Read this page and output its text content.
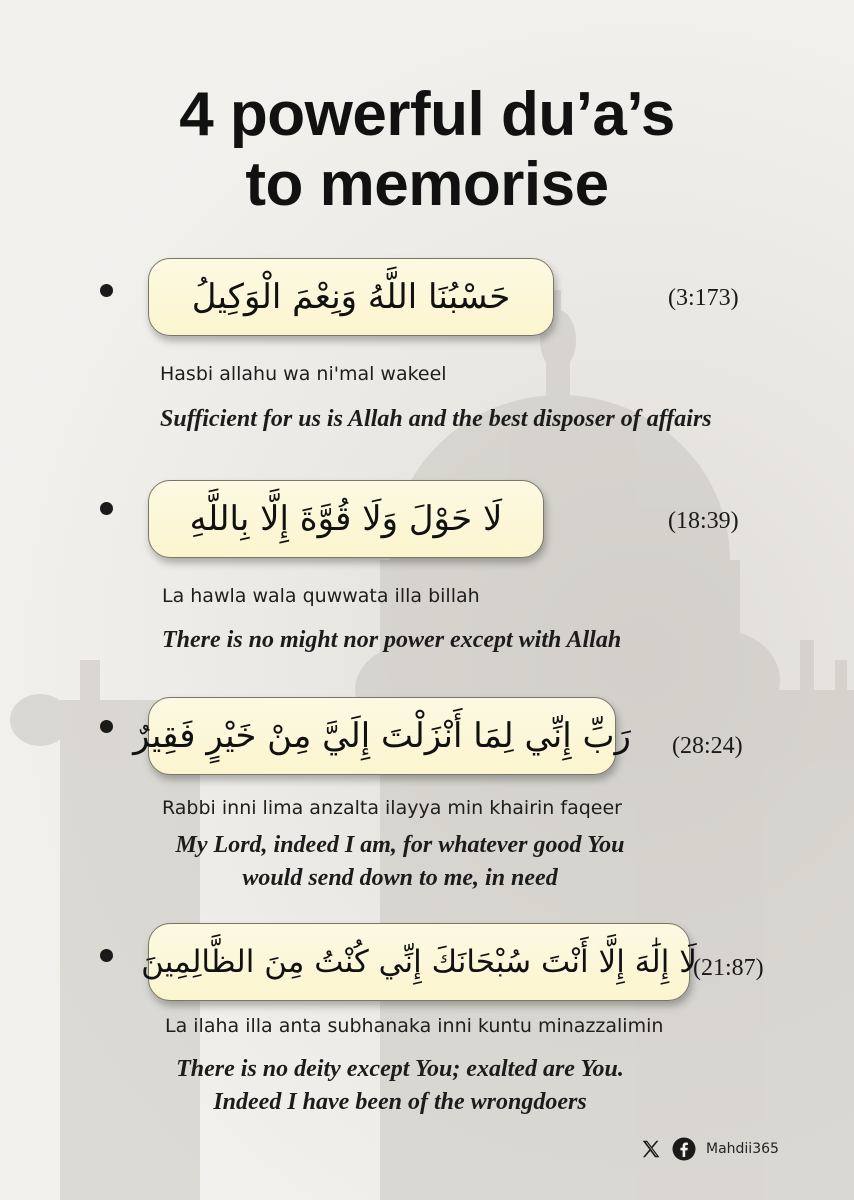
4 powerful du’a’s
to memorise
حَسْبُنَا اللَّهُ وَنِعْمَ الْوَكِيلُ	(3:173)
Hasbi allahu wa ni'mal wakeel
Sufficient for us is Allah and the best disposer of affairs
لَا حَوْلَ وَلَا قُوَّةَ إِلَّا بِاللَّهِ	(18:39)
La hawla wala quwwata illa billah
There is no might nor power except with Allah
رَبِّ إِنِّي لِمَا أَنْزَلْتَ إِلَيَّ مِنْ خَيْرٍ فَقِيرٌ (28:24)
Rabbi inni lima anzalta ilayya min khairin faqeer
My Lord, indeed I am, for whatever good You
would send down to me, in need
لَا إِلَٰهَ إِلَّا أَنْتَ سُبْحَانَكَ إِنِّي كُنْتُ مِنَ الظَّالِمِينَ
(21:87)
La ilaha illa anta subhanaka inni kuntu minazzalimin
There is no deity except You; exalted are You.
Indeed I have been of the wrongdoers
Mahdii365
